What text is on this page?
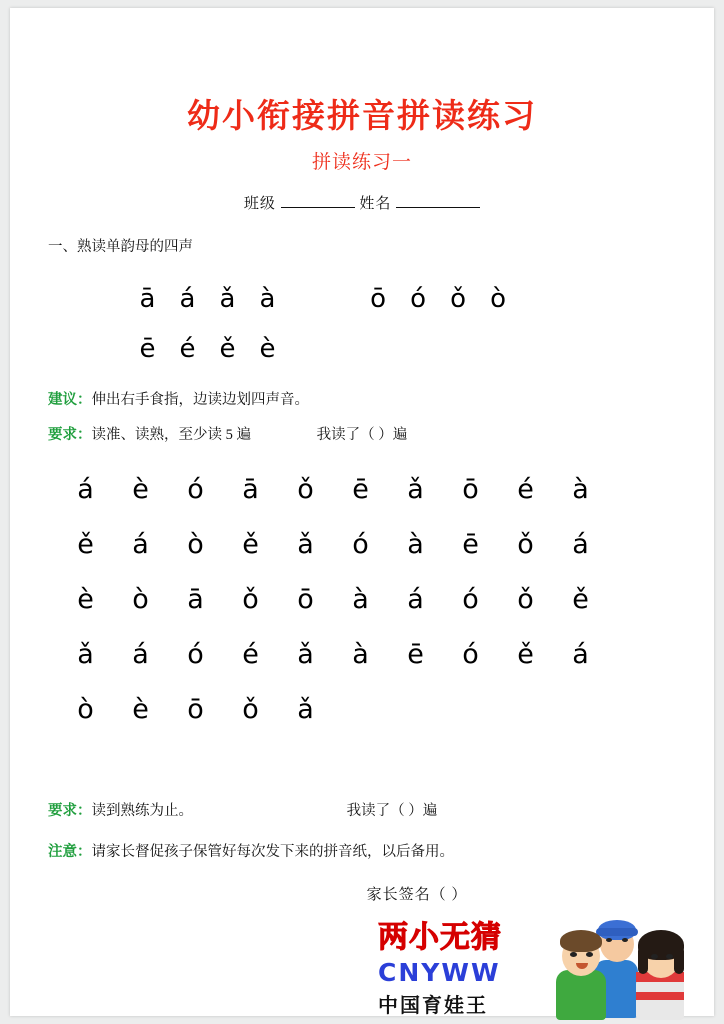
幼小衔接拼音拼读练习
拼读练习一
班级	姓名
一、熟读单韵母的四声
ā á ǎ à	ō ó ǒ ò
ē é ě è
建议：伸出右手食指，边读边划四声音。
要求：读准、读熟，至少读 5 遍	我读了（ ）遍
á è ó ā ǒ ē ǎ ō é à
ě á ò ě ǎ ó à ē ǒ á
è ò ā ǒ ō à á ó ǒ ě
ǎ á ó é ǎ à ē ó ě á
ò è ō ǒ ǎ
要求：读到熟练为止。	我读了（ ）遍
注意：请家长督促孩子保管好每次发下来的拼音纸，以后备用。
家长签名（ ）
两小无猜
CNYWW
中国育娃王
